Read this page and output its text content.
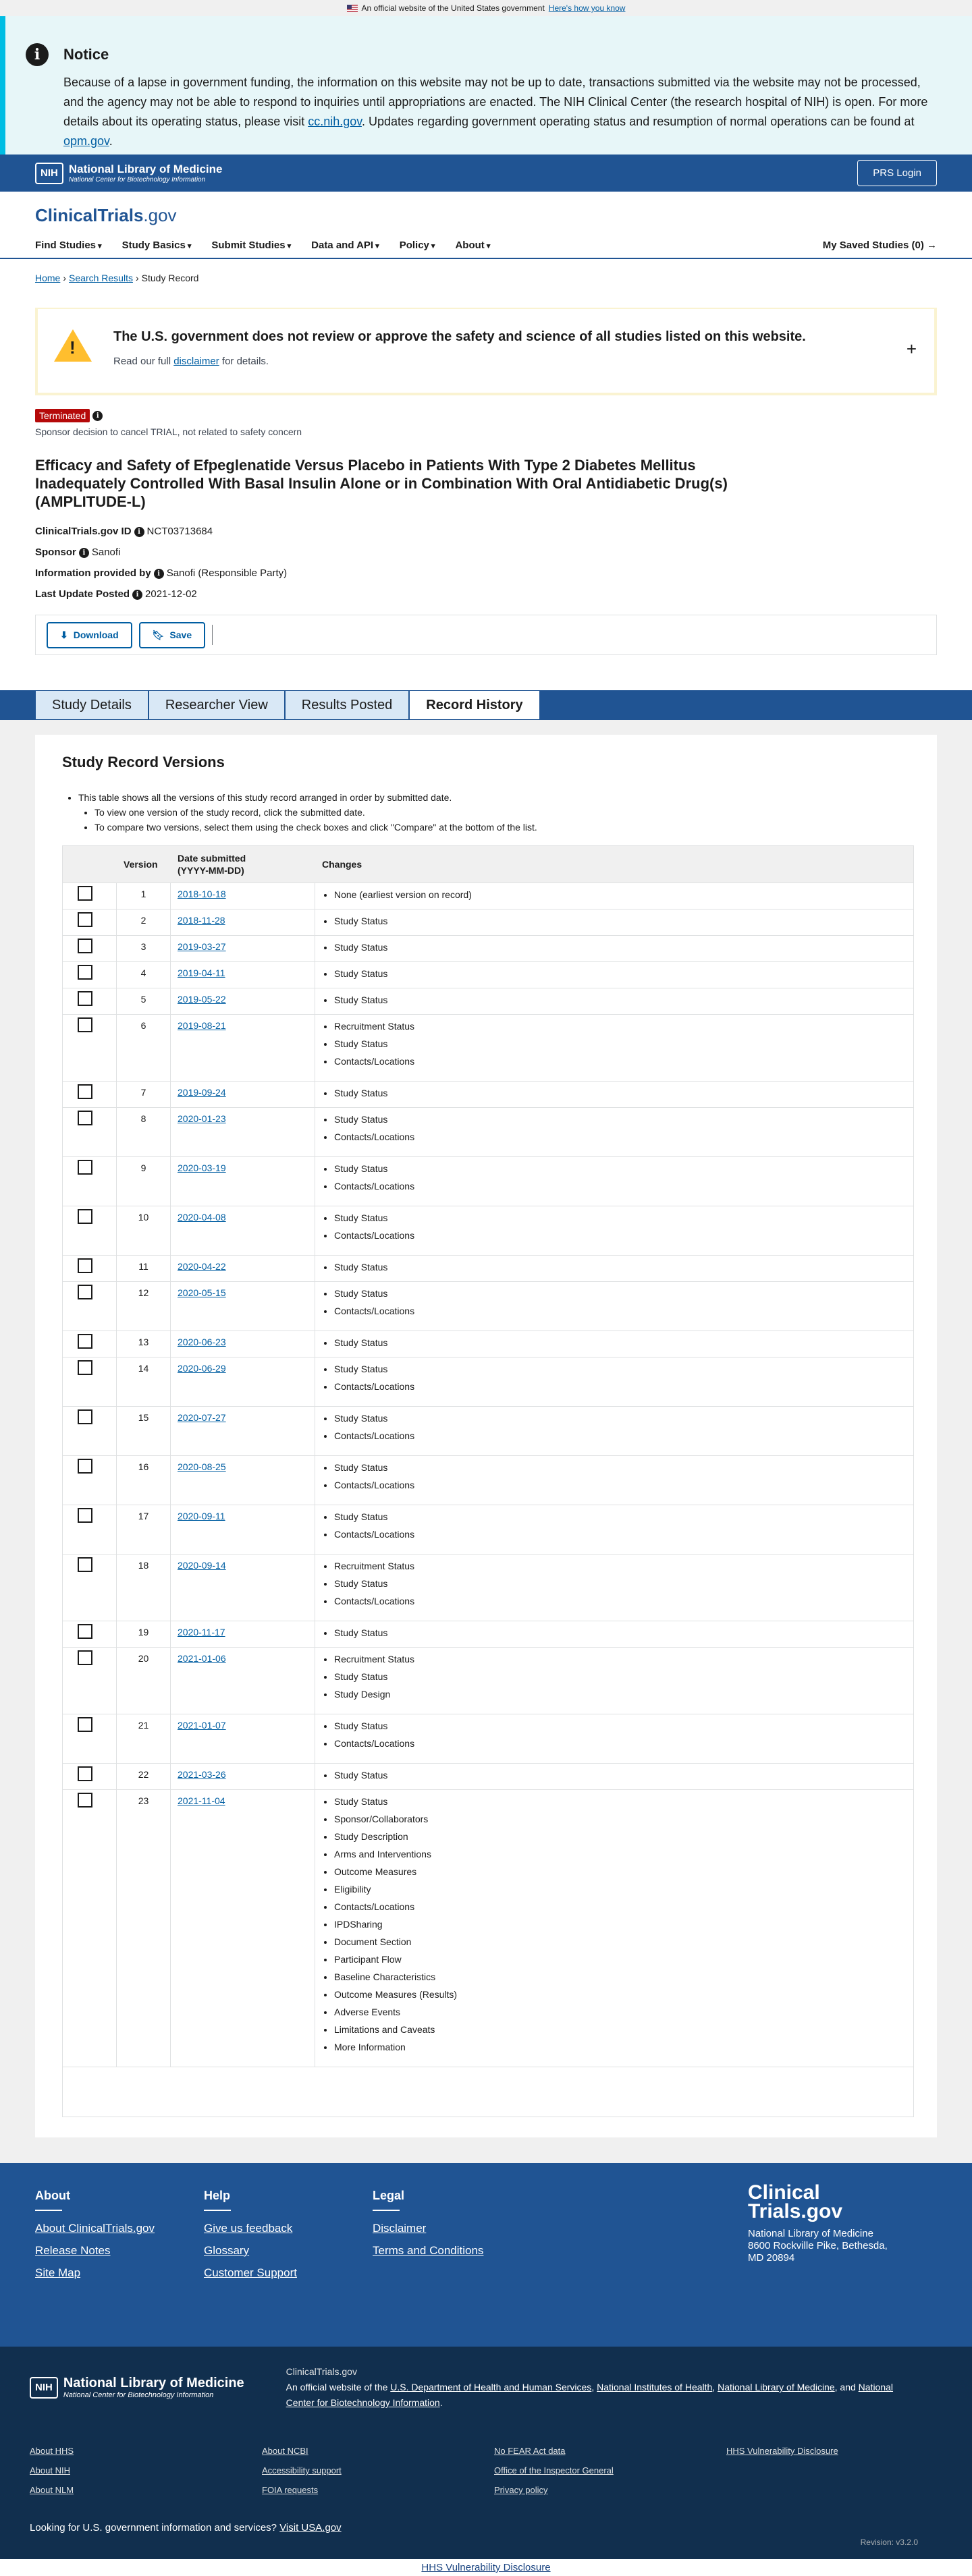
An official website of the United States government Here's how you know
i	Notice

Because of a lapse in government funding, the information on this website may not be up to date, transactions submitted via the website may not be processed, and the agency may not be able to respond to inquiries until appropriations are enacted. The NIH Clinical Center (the research hospital of NIH) is open. For more details about its operating status, please visit cc.nih.gov. Updates regarding government operating status and resumption of normal operations can be found at opm.gov.

NIH National Library of Medicine
National Center for Biotechnology Information
PRS Login
ClinicalTrials.gov
Find Studies ▾	Study Basics ▾	Submit Studies ▾	Data and API ▾	Policy ▾	About ▾	My Saved Studies (0) →
Home › Search Results › Study Record
!
The U.S. government does not review or approve the safety and science of all studies listed on this website.

Read our full disclaimer for details.

+
Terminated i
Sponsor decision to cancel TRIAL, not related to safety concern
Efficacy and Safety of Efpeglenatide Versus Placebo in Patients With Type 2 Diabetes Mellitus Inadequately Controlled With Basal Insulin Alone or in Combination With Oral Antidiabetic Drug(s) (AMPLITUDE-L)
ClinicalTrials.gov ID i NCT03713684
Sponsor i Sanofi
Information provided by i Sanofi (Responsible Party)
Last Update Posted i 2021-12-02
⬇ Download	🔖︎ Save
Study Details	Researcher View	Results Posted	Record History
Study Record Versions
• This table shows all the versions of this study record arranged in order by submitted date.
• To view one version of the study record, click the submitted date.
• To compare two versions, select them using the check boxes and click "Compare" at the bottom of the list.
Version
Date submitted (YYYY-MM-DD)
Changes
1	2018-10-18	• None (earliest version on record)
2	2018-11-28	• Study Status
3	2019-03-27	• Study Status
4	2019-04-11	• Study Status
5	2019-05-22	• Study Status
6	2019-08-21	• Recruitment Status
• Study Status
• Contacts/Locations
7	2019-09-24	• Study Status
8	2020-01-23	• Study Status
• Contacts/Locations
9	2020-03-19	• Study Status
• Contacts/Locations
10	2020-04-08	• Study Status
• Contacts/Locations
11	2020-04-22	• Study Status
12	2020-05-15	• Study Status
• Contacts/Locations
13	2020-06-23	• Study Status
14	2020-06-29	• Study Status
• Contacts/Locations
15	2020-07-27	• Study Status
• Contacts/Locations
16	2020-08-25	• Study Status
• Contacts/Locations
17	2020-09-11	• Study Status
• Contacts/Locations
18	2020-09-14	• Recruitment Status
• Study Status
• Contacts/Locations
19	2020-11-17	• Study Status
20	2021-01-06	• Recruitment Status
• Study Status
• Study Design
21	2021-01-07	• Study Status
• Contacts/Locations
22	2021-03-26	• Study Status
23	2021-11-04	• Study Status
• Sponsor/Collaborators
• Study Description
• Arms and Interventions
• Outcome Measures
• Eligibility
• Contacts/Locations
• IPDSharing
• Document Section
• Participant Flow
• Baseline Characteristics
• Outcome Measures (Results)
• Adverse Events
• Limitations and Caveats
• More Information
About
About ClinicalTrials.gov
Release Notes
Site Map
Help
Give us feedback
Glossary
Customer Support
Legal
Disclaimer
Terms and Conditions
Clinical Trials.gov
National Library of Medicine 8600 Rockville Pike, Bethesda, MD 20894
NIH National Library of Medicine
National Center for Biotechnology Information
ClinicalTrials.gov
An official website of the U.S. Department of Health and Human Services, National Institutes of Health, National Library of Medicine, and National Center for Biotechnology Information.
About HHS
About NIH
About NLM
About NCBI
Accessibility support
FOIA requests
No FEAR Act data
Office of the Inspector General
Privacy policy
HHS Vulnerability Disclosure
Looking for U.S. government information and services? Visit USA.gov
Revision: v3.2.0
HHS Vulnerability Disclosure
